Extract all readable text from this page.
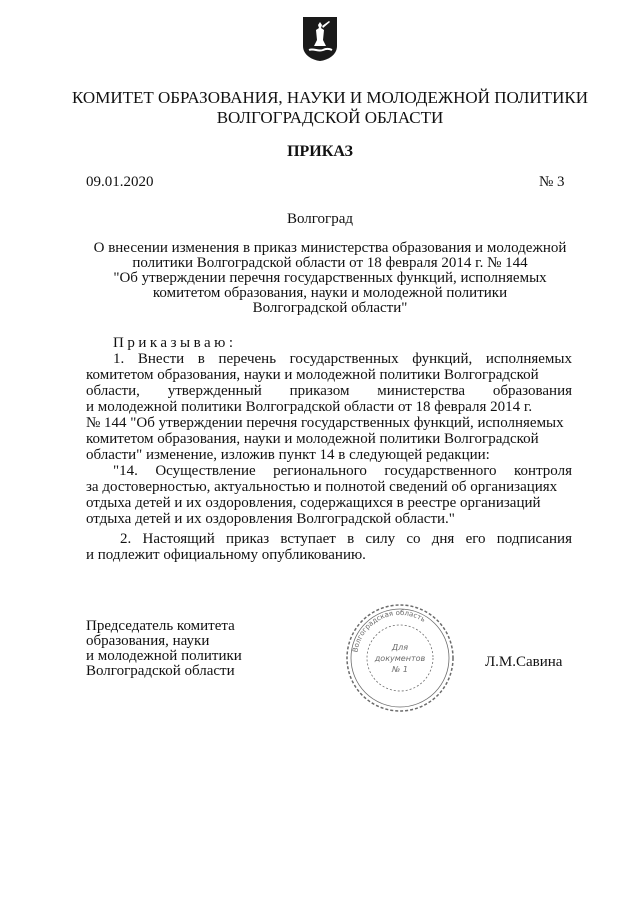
КОМИТЕТ ОБРАЗОВАНИЯ, НАУКИ И МОЛОДЕЖНОЙ ПОЛИТИКИ
ВОЛГОГРАДСКОЙ ОБЛАСТИ
ПРИКАЗ
09.01.2020	№ 3
Волгоград
О внесении изменения в приказ министерства образования и молодежной
политики Волгоградской области от 18 февраля 2014 г. № 144
"Об утверждении перечня государственных функций, исполняемых
комитетом образования, науки и молодежной политики
Волгоградской области"
Приказываю:
1. Внести в перечень государственных функций, исполняемых
комитетом образования, науки и молодежной политики Волгоградской
области, утвержденный приказом министерства образования
и молодежной политики Волгоградской области от 18 февраля 2014 г.
№ 144 "Об утверждении перечня государственных функций, исполняемых
комитетом образования, науки и молодежной политики Волгоградской
области" изменение, изложив пункт 14 в следующей редакции:
"14. Осуществление регионального государственного контроля
за достоверностью, актуальностью и полнотой сведений об организациях
отдыха детей и их оздоровления, содержащихся в реестре организаций
отдыха детей и их оздоровления Волгоградской области."
2. Настоящий приказ вступает в силу со дня его подписания
и подлежит официальному опубликованию.
Председатель комитета
образования, науки
и молодежной политики
Волгоградской области
Волгоградская область
Для
документов
№ 1	Л.М.Савина
